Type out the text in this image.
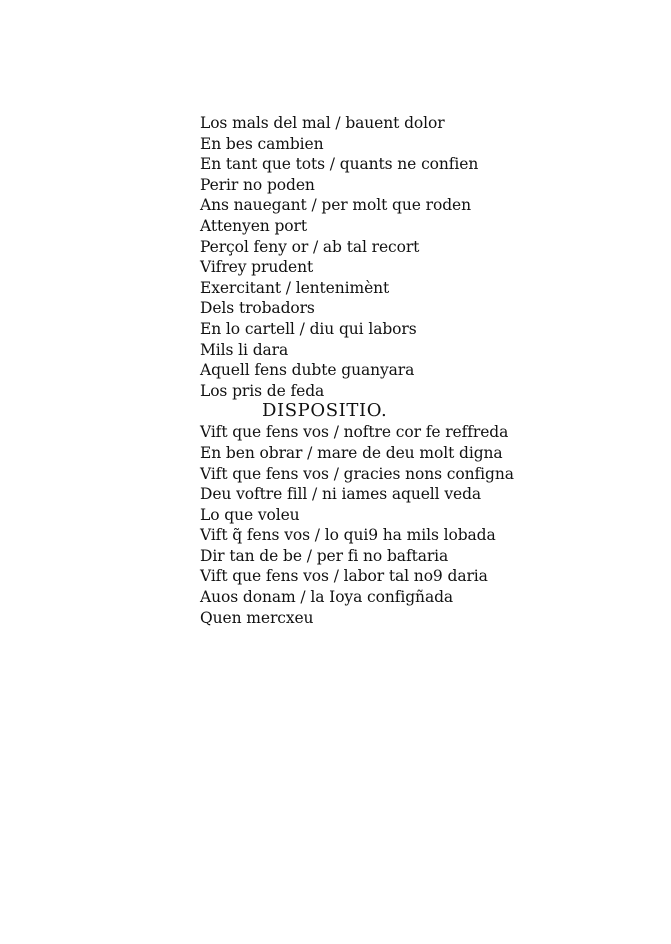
Los mals del mal / bauent dolor
En bes cambien
En tant que tots / quants ne confien
Perir no poden
Ans nauegant / per molt que roden
Attenyen port
Perçol feny or / ab tal recort
Vifrey prudent
Exercitant / lentenimènt
Dels trobadors
En lo cartell / diu qui labors
Mils li dara
Aquell fens dubte guanyara
Los pris de feda
DISPOSITIO.
Vift que fens vos / noftre cor fe reffreda
En ben obrar / mare de deu molt digna
Vift que fens vos / gracies nons configna
Deu voftre fill / ni iames aquell veda
Lo que voleu
Vift q̃ fens vos / lo qui9 ha mils lobada
Dir tan de be / per fi no baftaria
Vift que fens vos / labor tal no9 daria
Auos donam / la Ioya configñada
Quen mercxeu
